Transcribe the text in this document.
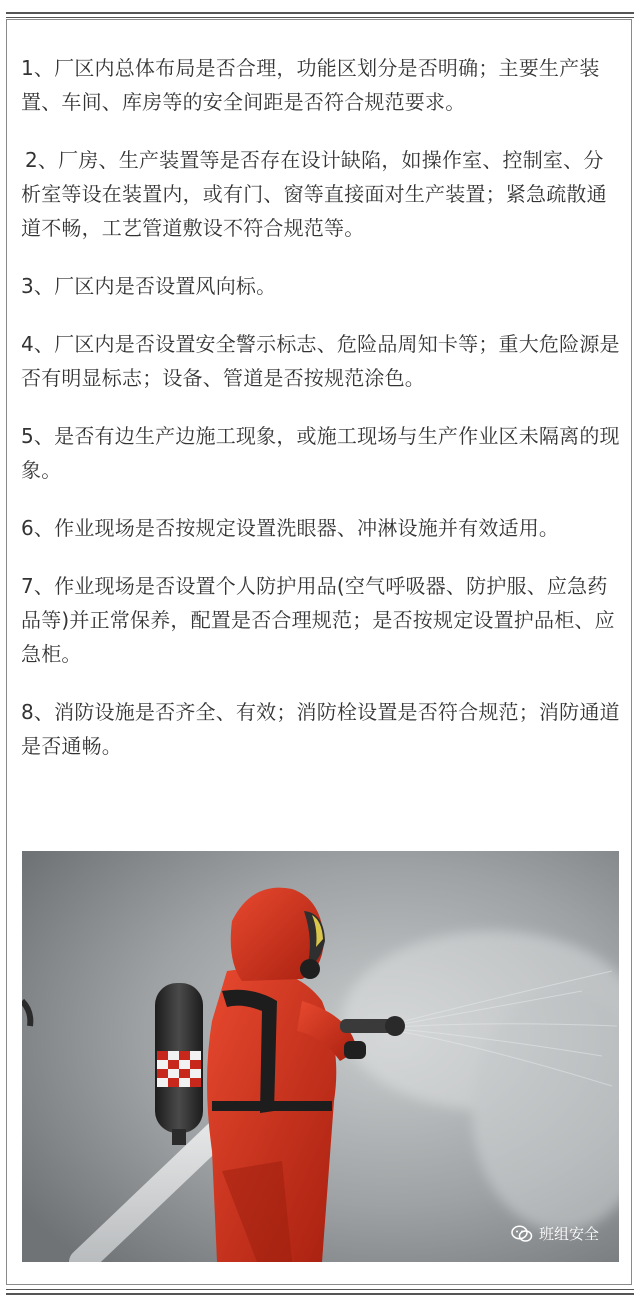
1、厂区内总体布局是否合理，功能区划分是否明确；主要生产装置、车间、库房等的安全间距是否符合规范要求。

2、厂房、生产装置等是否存在设计缺陷，如操作室、控制室、分析室等设在装置内，或有门、窗等直接面对生产装置；紧急疏散通道不畅，工艺管道敷设不符合规范等。

3、厂区内是否设置风向标。

4、厂区内是否设置安全警示标志、危险品周知卡等；重大危险源是否有明显标志；设备、管道是否按规范涂色。

5、是否有边生产边施工现象，或施工现场与生产作业区未隔离的现象。

6、作业现场是否按规定设置洗眼器、冲淋设施并有效适用。

7、作业现场是否设置个人防护用品(空气呼吸器、防护服、应急药品等)并正常保养，配置是否合理规范；是否按规定设置护品柜、应急柜。

8、消防设施是否齐全、有效；消防栓设置是否符合规范；消防通道是否通畅。

班组安全
